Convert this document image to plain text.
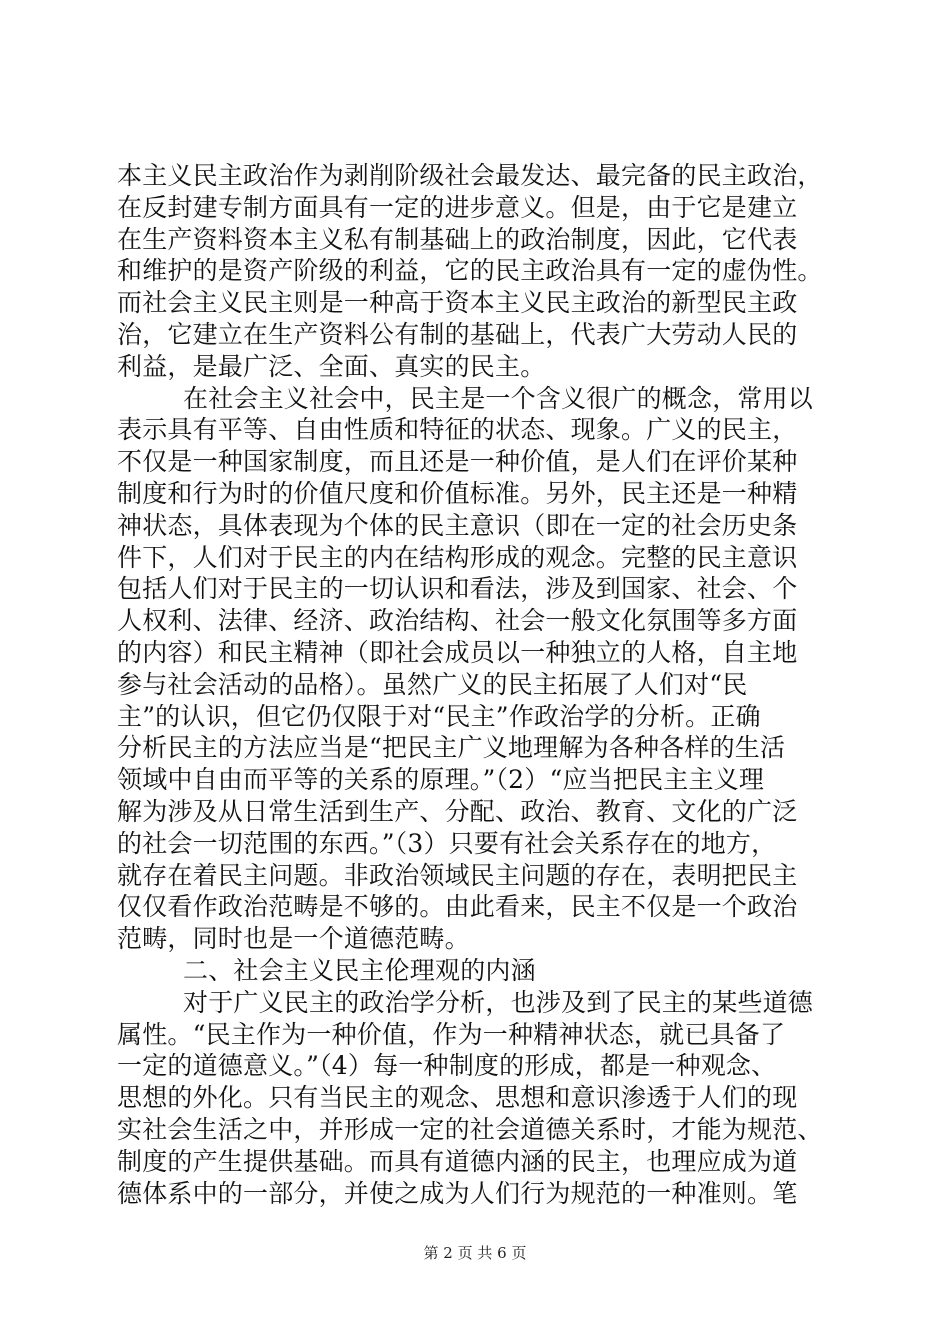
本主义民主政治作为剥削阶级社会最发达、最完备的民主政治，
在反封建专制方面具有一定的进步意义。但是，由于它是建立
在生产资料资本主义私有制基础上的政治制度，因此，它代表
和维护的是资产阶级的利益，它的民主政治具有一定的虚伪性。
而社会主义民主则是一种高于资本主义民主政治的新型民主政
治，它建立在生产资料公有制的基础上，代表广大劳动人民的
利益，是最广泛、全面、真实的民主。
在社会主义社会中，民主是一个含义很广的概念，常用以
表示具有平等、自由性质和特征的状态、现象。广义的民主，
不仅是一种国家制度，而且还是一种价值，是人们在评价某种
制度和行为时的价值尺度和价值标准。另外，民主还是一种精
神状态，具体表现为个体的民主意识（即在一定的社会历史条
件下，人们对于民主的内在结构形成的观念。完整的民主意识
包括人们对于民主的一切认识和看法，涉及到国家、社会、个
人权利、法律、经济、政治结构、社会一般文化氛围等多方面
的内容）和民主精神（即社会成员以一种独立的人格，自主地
参与社会活动的品格）。虽然广义的民主拓展了人们对“民
主”的认识，但它仍仅限于对“民主”作政治学的分析。正确
分析民主的方法应当是“把民主广义地理解为各种各样的生活
领域中自由而平等的关系的原理。”（2）“应当把民主主义理
解为涉及从日常生活到生产、分配、政治、教育、文化的广泛
的社会一切范围的东西。”（3）只要有社会关系存在的地方，
就存在着民主问题。非政治领域民主问题的存在，表明把民主
仅仅看作政治范畴是不够的。由此看来，民主不仅是一个政治
范畴，同时也是一个道德范畴。
二、社会主义民主伦理观的内涵
对于广义民主的政治学分析，也涉及到了民主的某些道德
属性。“民主作为一种价值，作为一种精神状态，就已具备了
一定的道德意义。”（4）每一种制度的形成，都是一种观念、
思想的外化。只有当民主的观念、思想和意识渗透于人们的现
实社会生活之中，并形成一定的社会道德关系时，才能为规范、
制度的产生提供基础。而具有道德内涵的民主，也理应成为道
德体系中的一部分，并使之成为人们行为规范的一种准则。笔
第 2 页 共 6 页
